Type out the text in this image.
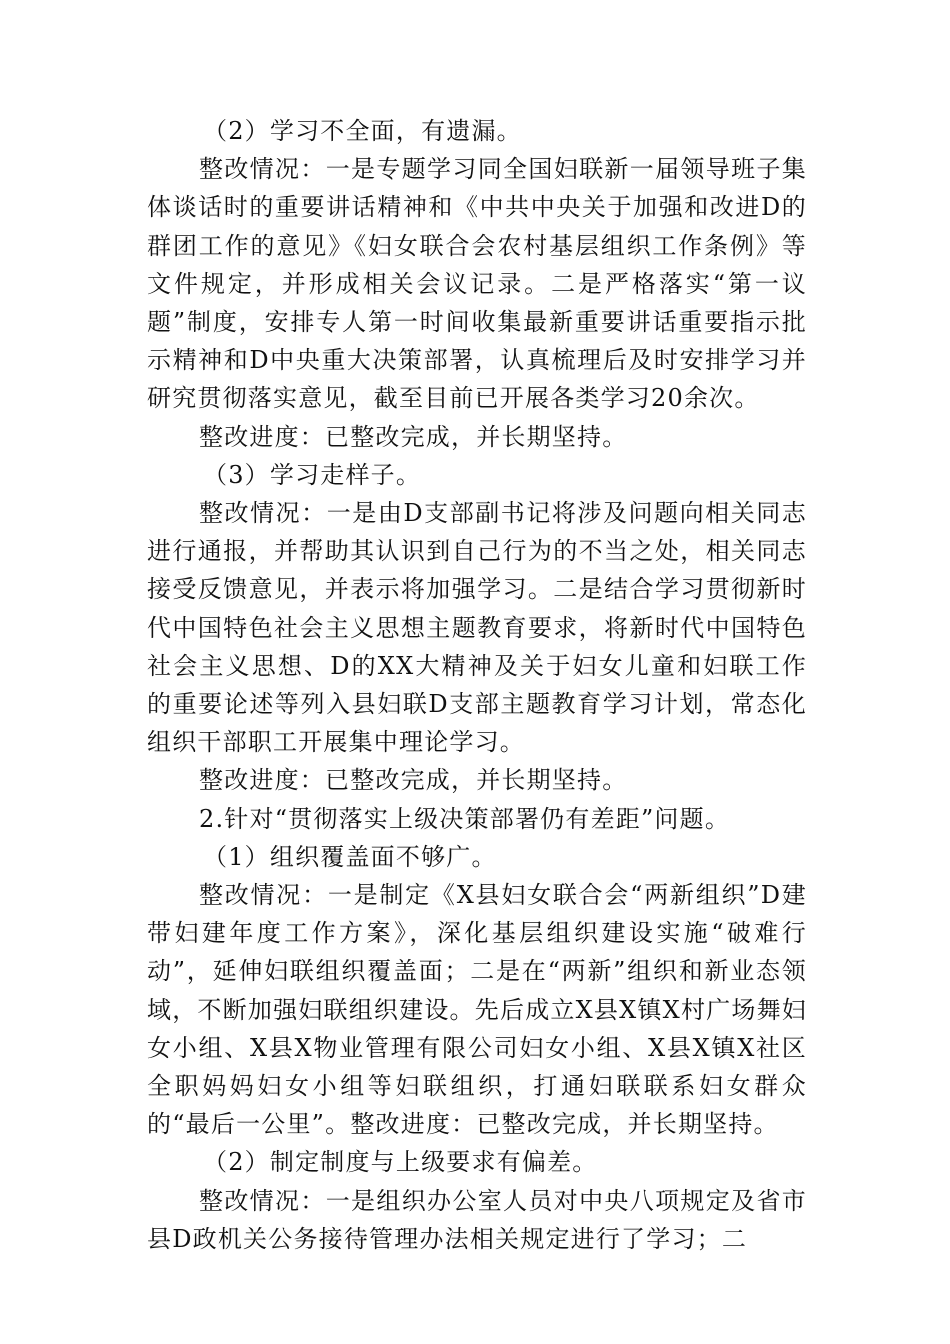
（2）学习不全面，有遗漏。

整改情况：一是专题学习同全国妇联新一届领导班子集体谈话时的重要讲话精神和《中共中央关于加强和改进D的群团工作的意见》《妇女联合会农村基层组织工作条例》等文件规定，并形成相关会议记录。二是严格落实“第一议题”制度，安排专人第一时间收集最新重要讲话重要指示批示精神和D中央重大决策部署，认真梳理后及时安排学习并研究贯彻落实意见，截至目前已开展各类学习20余次。

整改进度：已整改完成，并长期坚持。

（3）学习走样子。

整改情况：一是由D支部副书记将涉及问题向相关同志进行通报，并帮助其认识到自己行为的不当之处，相关同志接受反馈意见，并表示将加强学习。二是结合学习贯彻新时代中国特色社会主义思想主题教育要求，将新时代中国特色社会主义思想、D的XX大精神及关于妇女儿童和妇联工作的重要论述等列入县妇联D支部主题教育学习计划，常态化组织干部职工开展集中理论学习。

整改进度：已整改完成，并长期坚持。

2.针对“贯彻落实上级决策部署仍有差距”问题。

（1）组织覆盖面不够广。

整改情况：一是制定《X县妇女联合会“两新组织”D建带妇建年度工作方案》，深化基层组织建设实施“破难行动”，延伸妇联组织覆盖面；二是在“两新”组织和新业态领域，不断加强妇联组织建设。先后成立X县X镇X村广场舞妇女小组、X县X物业管理有限公司妇女小组、X县X镇X社区全职妈妈妇女小组等妇联组织，打通妇联联系妇女群众的“最后一公里”。整改进度：已整改完成，并长期坚持。

（2）制定制度与上级要求有偏差。

整改情况：一是组织办公室人员对中央八项规定及省市县D政机关公务接待管理办法相关规定进行了学习；二
